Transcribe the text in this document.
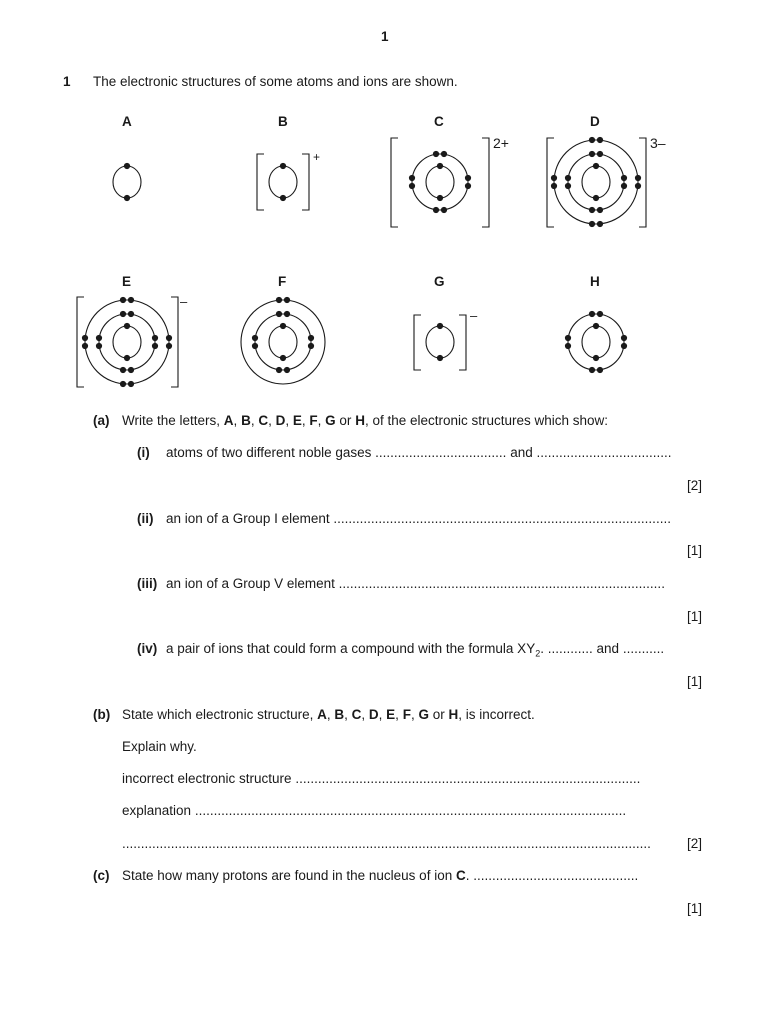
1
1 The electronic structures of some atoms and ions are shown.
A	B	C	D
E	F	G	H
+
2+	3–
–
–
(a) Write the letters, A, B, C, D, E, F, G or H, of the electronic structures which show:
(i) atoms of two different noble gases ................................... and ....................................
[2]
(ii) an ion of a Group I element ..........................................................................................
[1]
(iii) an ion of a Group V element .......................................................................................
[1]
(iv) a pair of ions that could form a compound with the formula $XY_2$. ............ and ...........
[1]
(b) State which electronic structure, A, B, C, D, E, F, G or H, is incorrect.
Explain why.
incorrect electronic structure ............................................................................................
explanation ...................................................................................................................
.............................................................................................................................................	[2]
(c) State how many protons are found in the nucleus of ion C. ............................................
[1]
